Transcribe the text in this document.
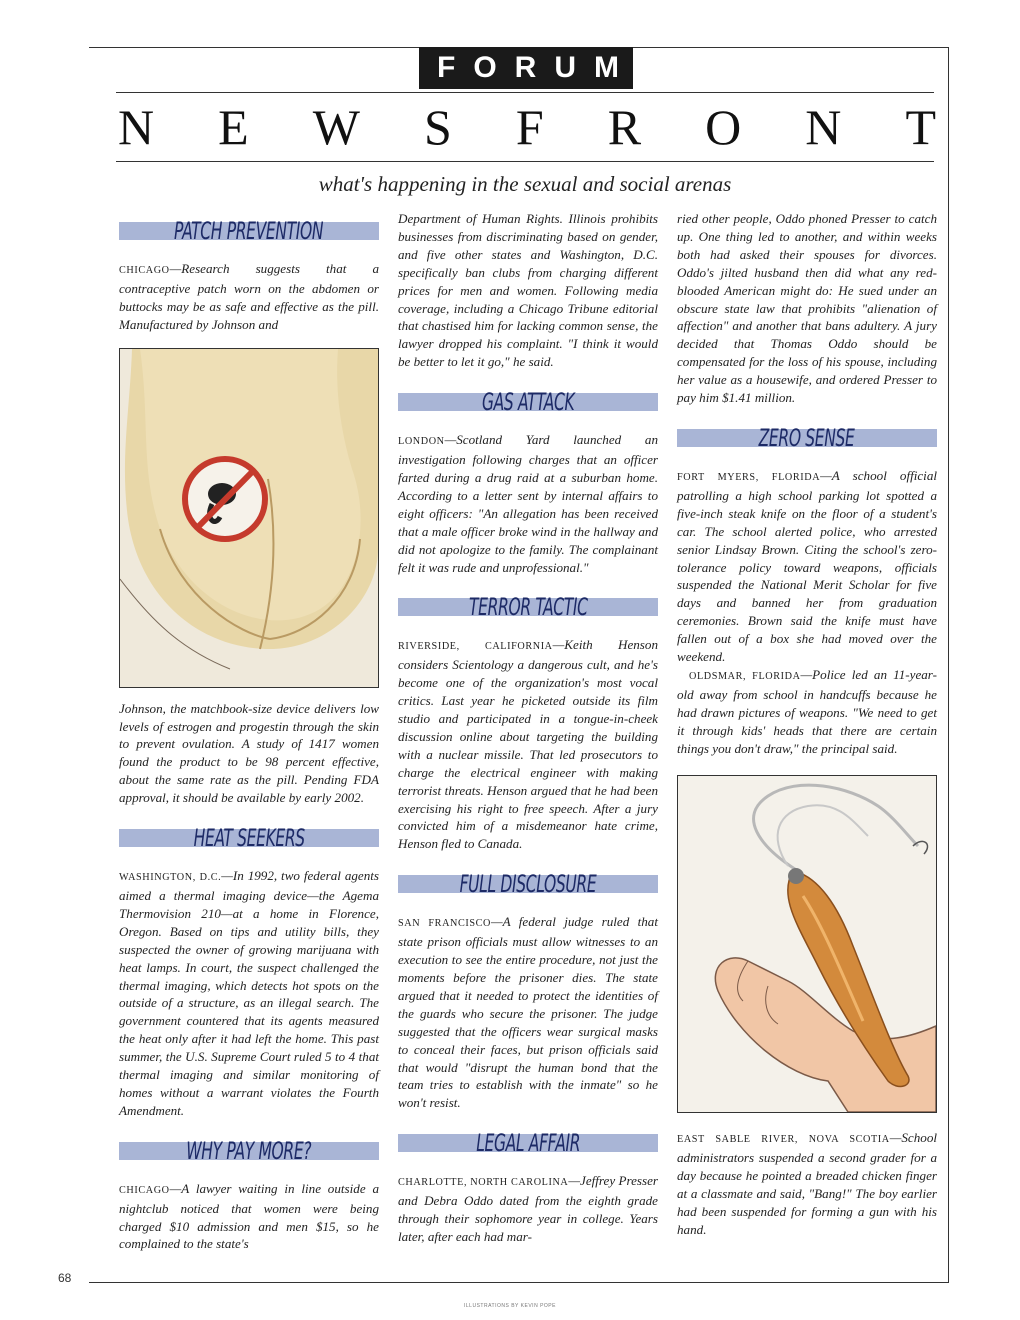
FORUM
N E W S F R O N T
what's happening in the sexual and social arenas
PATCH PREVENTION

CHICAGO—Research suggests that a contraceptive patch worn on the abdomen or buttocks may be as safe and effective as the pill. Manufactured by Johnson and

Johnson, the matchbook-size device delivers low levels of estrogen and progestin through the skin to prevent ovulation. A study of 1417 women found the product to be 98 percent effective, about the same rate as the pill. Pending FDA approval, it should be available by early 2002.

HEAT SEEKERS

WASHINGTON, D.C.—In 1992, two federal agents aimed a thermal imaging device—the Agema Thermovision 210—at a home in Florence, Oregon. Based on tips and utility bills, they suspected the owner of growing marijuana with heat lamps. In court, the suspect challenged the thermal imaging, which detects hot spots on the outside of a structure, as an illegal search. The government countered that its agents measured the heat only after it had left the home. This past summer, the U.S. Supreme Court ruled 5 to 4 that thermal imaging and similar monitoring of homes without a warrant violates the Fourth Amendment.

WHY PAY MORE?

CHICAGO—A lawyer waiting in line outside a nightclub noticed that women were being charged $10 admission and men $15, so he complained to the state's

Department of Human Rights. Illinois prohibits businesses from discriminating based on gender, and five other states and Washington, D.C. specifically ban clubs from charging different prices for men and women. Following media coverage, including a Chicago Tribune editorial that chastised him for lacking common sense, the lawyer dropped his complaint. "I think it would be better to let it go," he said.

GAS ATTACK

LONDON—Scotland Yard launched an investigation following charges that an officer farted during a drug raid at a suburban home. According to a letter sent by internal affairs to eight officers: "An allegation has been received that a male officer broke wind in the hallway and did not apologize to the family. The complainant felt it was rude and unprofessional."

TERROR TACTIC

RIVERSIDE, CALIFORNIA—Keith Henson considers Scientology a dangerous cult, and he's become one of the organization's most vocal critics. Last year he picketed outside its film studio and participated in a tongue-in-cheek discussion online about targeting the building with a nuclear missile. That led prosecutors to charge the electrical engineer with making terrorist threats. Henson argued that he had been exercising his right to free speech. After a jury convicted him of a misdemeanor hate crime, Henson fled to Canada.

FULL DISCLOSURE

SAN FRANCISCO—A federal judge ruled that state prison officials must allow witnesses to an execution to see the entire procedure, not just the moments before the prisoner dies. The state argued that it needed to protect the identities of the guards who secure the prisoner. The judge suggested that the officers wear surgical masks to conceal their faces, but prison officials said that would "disrupt the human bond that the team tries to establish with the inmate" so he won't resist.

LEGAL AFFAIR

CHARLOTTE, NORTH CAROLINA—Jeffrey Presser and Debra Oddo dated from the eighth grade through their sophomore year in college. Years later, after each had mar-

ried other people, Oddo phoned Presser to catch up. One thing led to another, and within weeks both had asked their spouses for divorces. Oddo's jilted husband then did what any red-blooded American might do: He sued under an obscure state law that prohibits "alienation of affection" and another that bans adultery. A jury decided that Thomas Oddo should be compensated for the loss of his spouse, including her value as a housewife, and ordered Presser to pay him $1.41 million.

ZERO SENSE

FORT MYERS, FLORIDA—A school official patrolling a high school parking lot spotted a five-inch steak knife on the floor of a student's car. The school alerted police, who arrested senior Lindsay Brown. Citing the school's zero-tolerance policy toward weapons, officials suspended the National Merit Scholar for five days and banned her from graduation ceremonies. Brown said the knife must have fallen out of a box she had moved over the weekend.

OLDSMAR, FLORIDA—Police led an 11-year-old away from school in handcuffs because he had drawn pictures of weapons. "We need to get it through kids' heads that there are certain things you don't draw," the principal said.

EAST SABLE RIVER, NOVA SCOTIA—School administrators suspended a second grader for a day because he pointed a breaded chicken finger at a classmate and said, "Bang!" The boy earlier had been suspended for forming a gun with his hand.

68
ILLUSTRATIONS BY KEVIN POPE
